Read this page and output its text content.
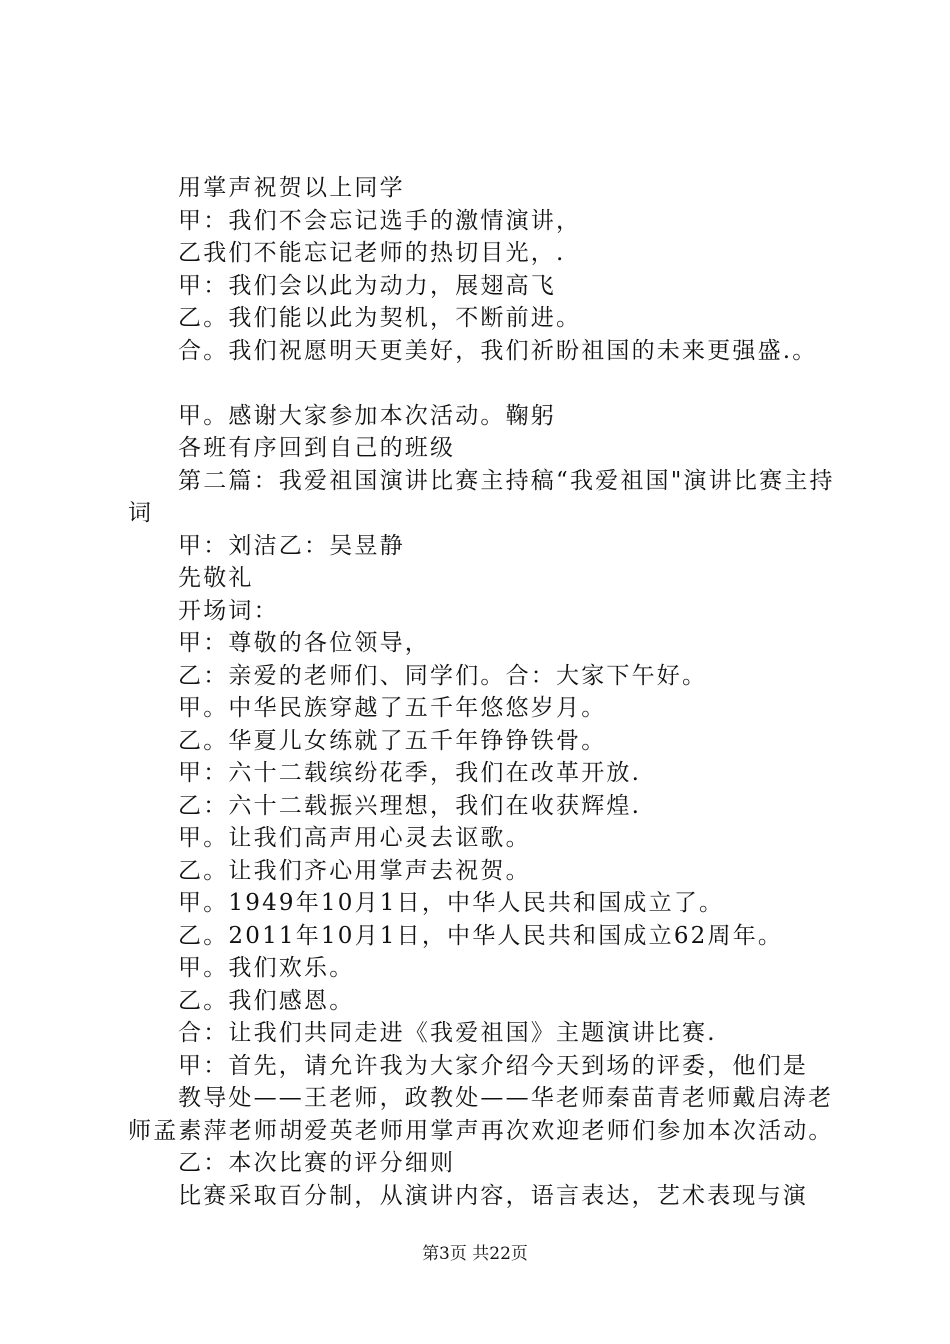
用掌声祝贺以上同学
甲：我们不会忘记选手的激情演讲，
乙我们不能忘记老师的热切目光，.
甲：我们会以此为动力，展翅高飞
乙。我们能以此为契机，不断前进。
合。我们祝愿明天更美好，我们祈盼祖国的未来更强盛.。
甲。感谢大家参加本次活动。鞠躬
各班有序回到自己的班级
第二篇：我爱祖国演讲比赛主持稿“我爱祖国"演讲比赛主持词
甲：刘洁乙：吴昱静
先敬礼
开场词：
甲：尊敬的各位领导，
乙：亲爱的老师们、同学们。合：大家下午好。
甲。中华民族穿越了五千年悠悠岁月。
乙。华夏儿女练就了五千年铮铮铁骨。
甲：六十二载缤纷花季，我们在改革开放.
乙：六十二载振兴理想，我们在收获辉煌.
甲。让我们高声用心灵去讴歌。
乙。让我们齐心用掌声去祝贺。
甲。1949年10月1日，中华人民共和国成立了。
乙。2011年10月1日，中华人民共和国成立62周年。
甲。我们欢乐。
乙。我们感恩。
合：让我们共同走进《我爱祖国》主题演讲比赛.
甲：首先，请允许我为大家介绍今天到场的评委，他们是
教导处——王老师，政教处——华老师秦苗青老师戴启涛老师孟素萍老师胡爱英老师用掌声再次欢迎老师们参加本次活动。
乙：本次比赛的评分细则
比赛采取百分制，从演讲内容，语言表达，艺术表现与演
第3页 共22页
